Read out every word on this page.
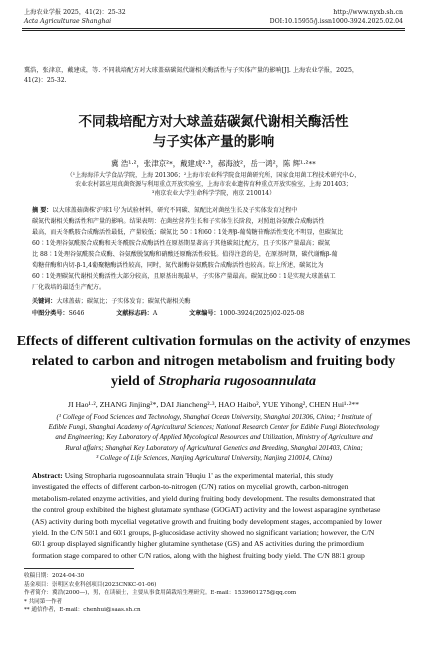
上海农业学报 2025，41(2)：25-32
Acta Agriculturae Shanghai
http://www.nyxb.sh.cn
DOI:10.15955/j.issn1000-3924.2025.02.04
冀浩，张津京，戴建成，等. 不同栽培配方对大球盖菇碳氮代谢相关酶活性与子实体产量的影响[J]. 上海农业学报，2025，
41(2)：25-32.
不同栽培配方对大球盖菇碳氮代谢相关酶活性
与子实体产量的影响
冀 浩¹·²，张津京²*，戴建成²·³，郝海波²，岳一鸿²，陈 辉¹·²**
（¹上海海洋大学食品学院，上海 201306；²上海市农业科学院食用菌研究所，国家食用菌工程技术研究中心，
农业农村部应用真菌资源与利用重点开放实验室，上海市农业遗传育种重点开放实验室，上海 201403；
³南京农业大学生命科学学院，南京 210014）
摘 要：以大球盖菇菌株'沪球1号'为试验材料，研究不同碳、氮配比对菌丝生长及子实体发育过程中
碳氮代谢相关酶活性和产量的影响。结果表明：在菌丝营养生长和子实体生长阶段，对照组谷氨酸合成酶活性
最高，而天冬酰胺合成酶活性最低，产量较低；碳氮比 50∶1和60∶1处理β-葡萄糖苷酶活性变化不明显，但碳氮比
60∶1处理谷氨酰胺合成酶和天冬酰胺合成酶活性在原基期显著高于其他碳氮比配方，且子实体产量最高；碳氮
比 88∶1处理谷氨酰胺合成酶、谷氨酸脱氢酶和硝酸还原酶活性较低。值得注意的是，在原基时期，碳代谢酶β-葡
萄糖苷酶和内切-β-1,4葡聚糖酶活性较高，同时，氮代谢酶谷氨酰胺合成酶活性也较高。综上所述，碳氮比为
60∶1处理碳氮代谢相关酶活性大部分较高，且原基出现最早，子实体产量最高。碳氮比60∶1是实现大球盖菇工
厂化栽培的最适生产配方。
关键词：大球盖菇；碳氮比；子实体发育；碳氮代谢相关酶
中图分类号：S646	文献标志码：A	文章编号：1000-3924(2025)02-025-08
Effects of different cultivation formulas on the activity of enzymes
related to carbon and nitrogen metabolism and fruiting body
yield of Stropharia rugosoannulata
JI Hao¹·², ZHANG Jinjing²*, DAI Jiancheng²·³, HAO Haibo², YUE Yihong², CHEN Hui¹·²**
(¹ College of Food Sciences and Technology, Shanghai Ocean University, Shanghai 201306, China; ² Institute of
Edible Fungi, Shanghai Academy of Agricultural Sciences; National Research Center for Edible Fungi Biotechnology
and Engineering; Key Laboratory of Applied Mycological Resources and Utilization, Ministry of Agriculture and
Rural affairs; Shanghai Key Laboratory of Agricultural Genetics and Breeding, Shanghai 201403, China;
³ College of Life Sciences, Nanjing Agricultural University, Nanjing 210014, China)
Abstract: Using Stropharia rugosoannulata strain 'Huqiu 1' as the experimental material, this study
investigated the effects of different carbon-to-nitrogen (C/N) ratios on mycelial growth, carbon-nitrogen
metabolism-related enzyme activities, and yield during fruiting body development. The results demonstrated that
the control group exhibited the highest glutamate synthase (GOGAT) activity and the lowest asparagine synthetase
(AS) activity during both mycelial vegetative growth and fruiting body development stages, accompanied by lower
yield. In the C/N 50∶1 and 60∶1 groups, β-glucosidase activity showed no significant variation; however, the C/N
60∶1 group displayed significantly higher glutamine synthetase (GS) and AS activities during the primordium
formation stage compared to other C/N ratios, along with the highest fruiting body yield. The C/N 88∶1 group
收稿日期：2024-04-30
基金项目：崇明区农业科创项目(2023CNKC-01-06)
作者简介：冀浩(2000—)，男，在读硕士，主要从事食用菌栽培生理研究。E-mail：1539601275@qq.com
* 共同第一作者
** 通信作者，E-mail：chenhui@saas.sh.cn
